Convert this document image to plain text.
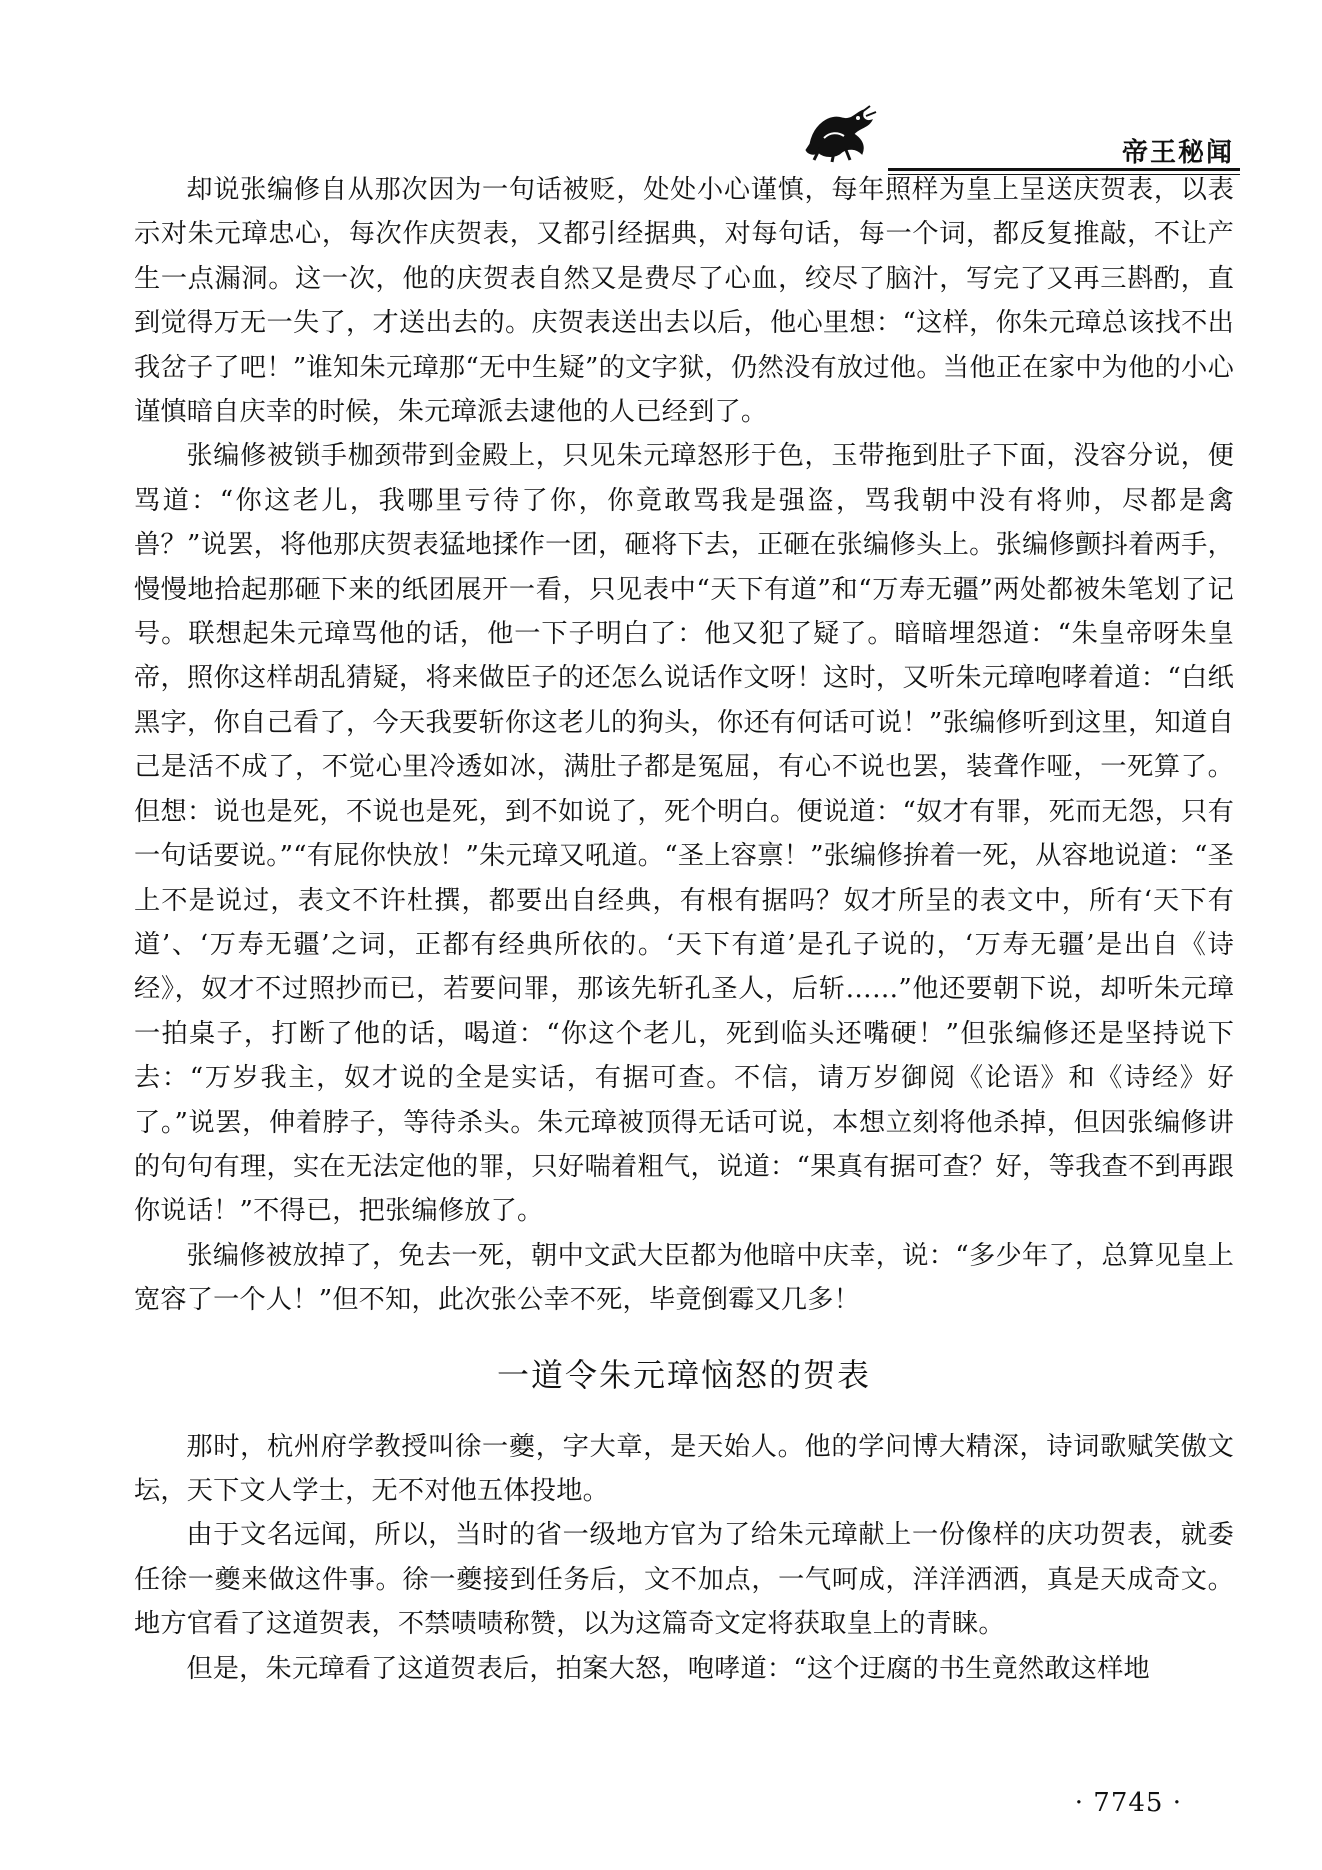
帝王秘闻

却说张编修自从那次因为一句话被贬，处处小心谨慎，每年照样为皇上呈送庆贺表，以表示对朱元璋忠心，每次作庆贺表，又都引经据典，对每句话，每一个词，都反复推敲，不让产生一点漏洞。这一次，他的庆贺表自然又是费尽了心血，绞尽了脑汁，写完了又再三斟酌，直到觉得万无一失了，才送出去的。庆贺表送出去以后，他心里想：“这样，你朱元璋总该找不出我岔子了吧！”谁知朱元璋那“无中生疑”的文字狱，仍然没有放过他。当他正在家中为他的小心谨慎暗自庆幸的时候，朱元璋派去逮他的人已经到了。

张编修被锁手枷颈带到金殿上，只见朱元璋怒形于色，玉带拖到肚子下面，没容分说，便骂道：“你这老儿，我哪里亏待了你，你竟敢骂我是强盗，骂我朝中没有将帅，尽都是禽兽？”说罢，将他那庆贺表猛地揉作一团，砸将下去，正砸在张编修头上。张编修颤抖着两手，慢慢地拾起那砸下来的纸团展开一看，只见表中“天下有道”和“万寿无疆”两处都被朱笔划了记号。联想起朱元璋骂他的话，他一下子明白了：他又犯了疑了。暗暗埋怨道：“朱皇帝呀朱皇帝，照你这样胡乱猜疑，将来做臣子的还怎么说话作文呀！这时，又听朱元璋咆哮着道：“白纸黑字，你自己看了，今天我要斩你这老儿的狗头，你还有何话可说！”张编修听到这里，知道自己是活不成了，不觉心里冷透如冰，满肚子都是冤屈，有心不说也罢，装聋作哑，一死算了。但想：说也是死，不说也是死，到不如说了，死个明白。便说道：“奴才有罪，死而无怨，只有一句话要说。”“有屁你快放！”朱元璋又吼道。“圣上容禀！”张编修拚着一死，从容地说道：“圣上不是说过，表文不许杜撰，都要出自经典，有根有据吗？奴才所呈的表文中，所有‘天下有道’、‘万寿无疆’之词，正都有经典所依的。‘天下有道’是孔子说的，‘万寿无疆’是出自《诗经》，奴才不过照抄而已，若要问罪，那该先斩孔圣人，后斩……”他还要朝下说，却听朱元璋一拍桌子，打断了他的话，喝道：“你这个老儿，死到临头还嘴硬！”但张编修还是坚持说下去：“万岁我主，奴才说的全是实话，有据可查。不信，请万岁御阅《论语》和《诗经》好了。”说罢，伸着脖子，等待杀头。朱元璋被顶得无话可说，本想立刻将他杀掉，但因张编修讲的句句有理，实在无法定他的罪，只好喘着粗气，说道：“果真有据可查？好，等我查不到再跟你说话！”不得已，把张编修放了。

张编修被放掉了，免去一死，朝中文武大臣都为他暗中庆幸，说：“多少年了，总算见皇上宽容了一个人！”但不知，此次张公幸不死，毕竟倒霉又几多！

一道令朱元璋恼怒的贺表

那时，杭州府学教授叫徐一夔，字大章，是天始人。他的学问博大精深，诗词歌赋笑傲文坛，天下文人学士，无不对他五体投地。

由于文名远闻，所以，当时的省一级地方官为了给朱元璋献上一份像样的庆功贺表，就委任徐一夔来做这件事。徐一夔接到任务后，文不加点，一气呵成，洋洋洒洒，真是天成奇文。地方官看了这道贺表，不禁啧啧称赞，以为这篇奇文定将获取皇上的青睐。

但是，朱元璋看了这道贺表后，拍案大怒，咆哮道：“这个迂腐的书生竟然敢这样地

· 7745 ·
